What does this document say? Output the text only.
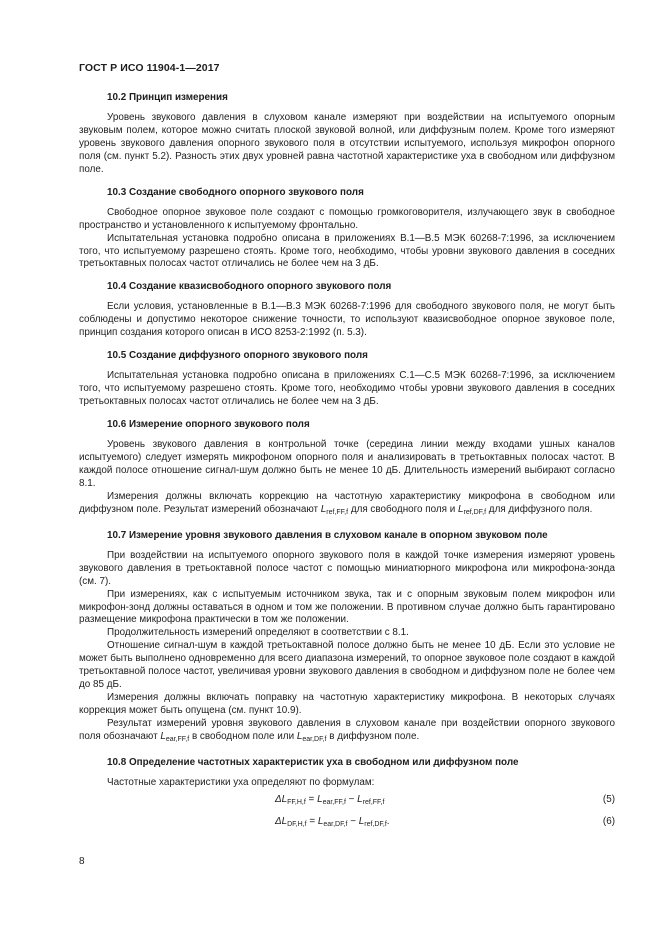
ГОСТ Р ИСО 11904-1—2017
10.2 Принцип измерения

Уровень звукового давления в слуховом канале измеряют при воздействии на испытуемого опорным звуковым полем, которое можно считать плоской звуковой волной, или диффузным полем. Кроме того измеряют уровень звукового давления опорного звукового поля в отсутствии испытуемого, используя микрофон опорного поля (см. пункт 5.2). Разность этих двух уровней равна частотной характеристике уха в свободном или диффузном поле.

10.3 Создание свободного опорного звукового поля

Свободное опорное звуковое поле создают с помощью громкоговорителя, излучающего звук в свободное пространство и установленного к испытуемому фронтально.

Испытательная установка подробно описана в приложениях В.1—В.5 МЭК 60268-7:1996, за исключением того, что испытуемому разрешено стоять. Кроме того, необходимо, чтобы уровни звукового давления в соседних третьоктавных полосах частот отличались не более чем на 3 дБ.

10.4 Создание квазисвободного опорного звукового поля

Если условия, установленные в В.1—В.3 МЭК 60268-7:1996 для свободного звукового поля, не могут быть соблюдены и допустимо некоторое снижение точности, то используют квазисвободное опорное звуковое поле, принцип создания которого описан в ИСО 8253-2:1992 (п. 5.3).

10.5 Создание диффузного опорного звукового поля

Испытательная установка подробно описана в приложениях С.1—С.5 МЭК 60268-7:1996, за исключением того, что испытуемому разрешено стоять. Кроме того, необходимо чтобы уровни звукового давления в соседних третьоктавных полосах частот отличались не более чем на 3 дБ.

10.6 Измерение опорного звукового поля

Уровень звукового давления в контрольной точке (середина линии между входами ушных каналов испытуемого) следует измерять микрофоном опорного поля и анализировать в третьоктавных полосах частот. В каждой полосе отношение сигнал-шум должно быть не менее 10 дБ. Длительность измерений выбирают согласно 8.1.

Измерения должны включать коррекцию на частотную характеристику микрофона в свободном или диффузном поле. Результат измерений обозначают $L_{ref,FF,f}$ для свободного поля и $L_{ref,DF,f}$ для диффузного поля.

10.7 Измерение уровня звукового давления в слуховом канале в опорном звуковом поле

При воздействии на испытуемого опорного звукового поля в каждой точке измерения измеряют уровень звукового давления в третьоктавной полосе частот с помощью миниатюрного микрофона или микрофона-зонда (см. 7).

При измерениях, как с испытуемым источником звука, так и с опорным звуковым полем микрофон или микрофон-зонд должны оставаться в одном и том же положении. В противном случае должно быть гарантировано размещение микрофона практически в том же положении.

Продолжительность измерений определяют в соответствии с 8.1.

Отношение сигнал-шум в каждой третьоктавной полосе должно быть не менее 10 дБ. Если это условие не может быть выполнено одновременно для всего диапазона измерений, то опорное звуковое поле создают в каждой третьоктавной полосе частот, увеличивая уровни звукового давления в свободном и диффузном поле не более чем до 85 дБ.

Измерения должны включать поправку на частотную характеристику микрофона. В некоторых случаях коррекция может быть опущена (см. пункт 10.9).

Результат измерений уровня звукового давления в слуховом канале при воздействии опорного звукового поля обозначают $L_{ear,FF,f}$ в свободном поле или $L_{ear,DF,f}$ в диффузном поле.

10.8 Определение частотных характеристик уха в свободном или диффузном поле

Частотные характеристики уха определяют по формулам:

$\Delta L_{FF,H,f} = L_{ear,FF,f} - L_{ref,FF,f}$	(5)
$\Delta L_{DF,H,f} = L_{ear,DF,f} - L_{ref,DF,f}$.	(6)
8
